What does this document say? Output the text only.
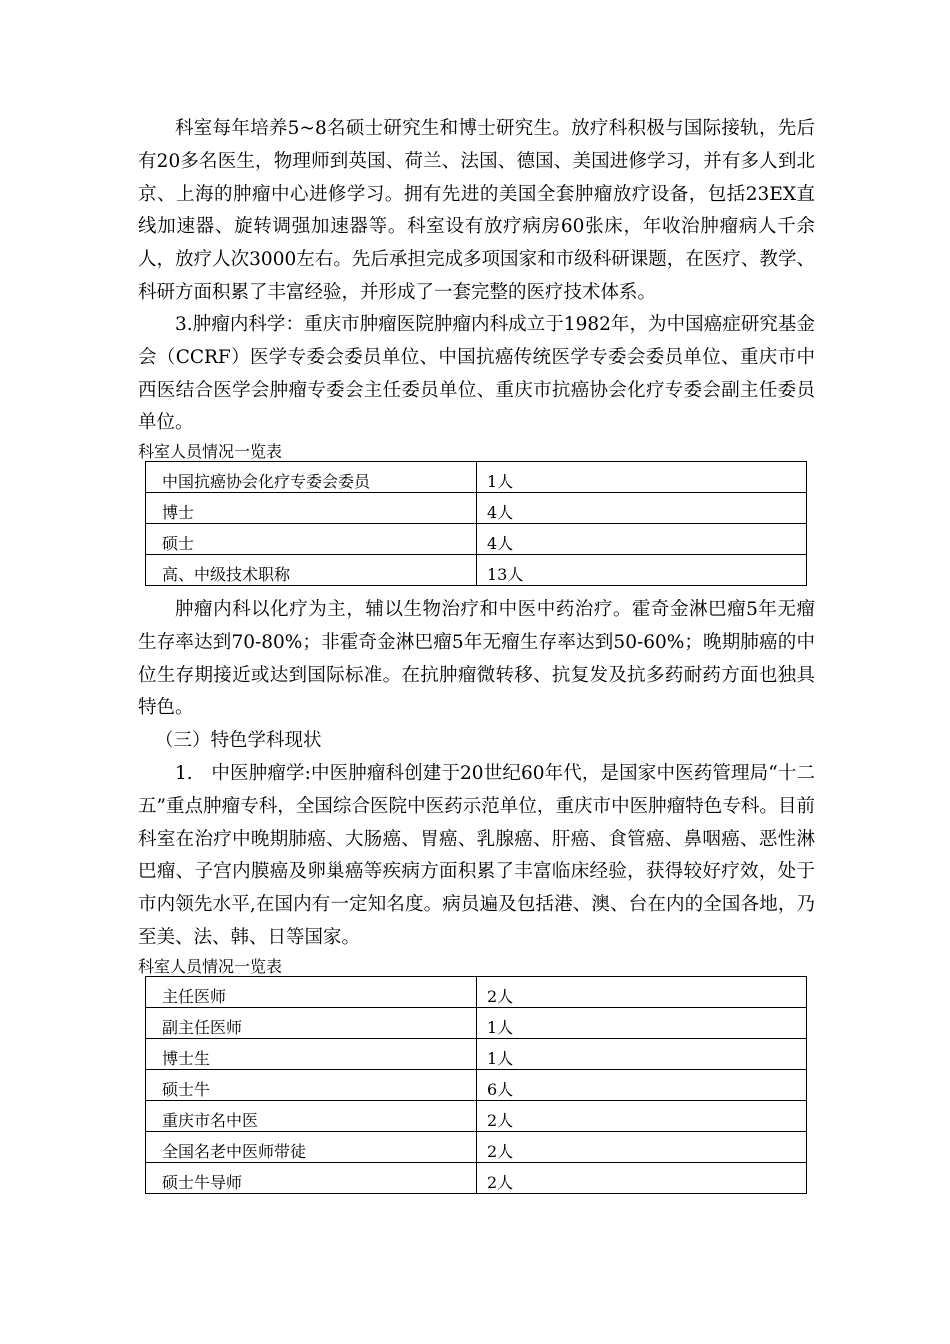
科室每年培养5~8名硕士研究生和博士研究生。放疗科积极与国际接轨，先后有20多名医生，物理师到英国、荷兰、法国、德国、美国进修学习，并有多人到北京、上海的肿瘤中心进修学习。拥有先进的美国全套肿瘤放疗设备，包括23EX直线加速器、旋转调强加速器等。科室设有放疗病房60张床，年收治肿瘤病人千余人，放疗人次3000左右。先后承担完成多项国家和市级科研课题，在医疗、教学、科研方面积累了丰富经验，并形成了一套完整的医疗技术体系。

3.肿瘤内科学：重庆市肿瘤医院肿瘤内科成立于1982年，为中国癌症研究基金会（CCRF）医学专委会委员单位、中国抗癌传统医学专委会委员单位、重庆市中西医结合医学会肿瘤专委会主任委员单位、重庆市抗癌协会化疗专委会副主任委员单位。

科室人员情况一览表
中国抗癌协会化疗专委会委员	1人
博士	4人
硕士	4人
高、中级技术职称	13人

肿瘤内科以化疗为主，辅以生物治疗和中医中药治疗。霍奇金淋巴瘤5年无瘤生存率达到70-80%；非霍奇金淋巴瘤5年无瘤生存率达到50-60%；晚期肺癌的中位生存期接近或达到国际标准。在抗肿瘤微转移、抗复发及抗多药耐药方面也独具特色。

（三）特色学科现状

1.　中医肿瘤学:中医肿瘤科创建于20世纪60年代，是国家中医药管理局“十二五”重点肿瘤专科，全国综合医院中医药示范单位，重庆市中医肿瘤特色专科。目前科室在治疗中晚期肺癌、大肠癌、胃癌、乳腺癌、肝癌、食管癌、鼻咽癌、恶性淋巴瘤、子宫内膜癌及卵巢癌等疾病方面积累了丰富临床经验，获得较好疗效，处于市内领先水平,在国内有一定知名度。病员遍及包括港、澳、台在内的全国各地，乃至美、法、韩、日等国家。

科室人员情况一览表
主任医师	2人
副主任医师	1人
博士生	1人
硕士牛	6人
重庆市名中医	2人
全国名老中医师带徒	2人
硕士牛导师	2人
